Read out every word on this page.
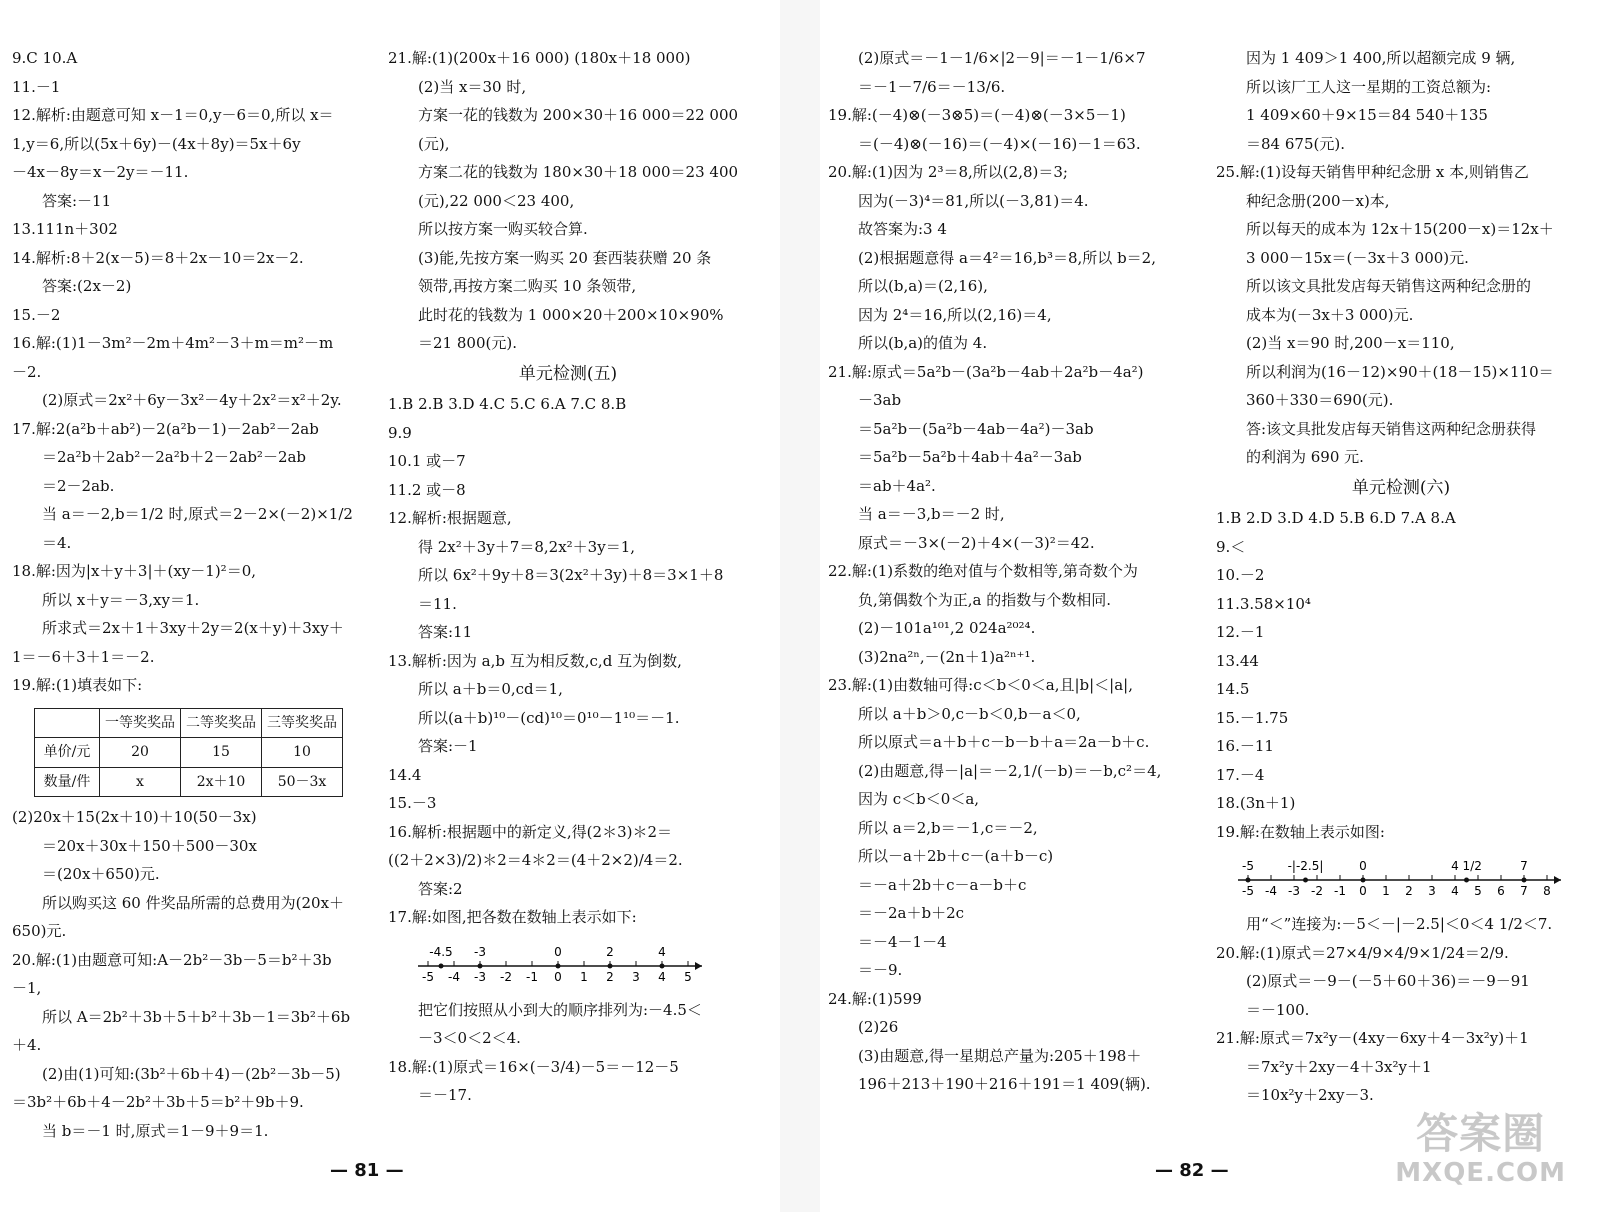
9.C 10.A
11.－1
12.解析:由题意可知 x－1＝0,y－6＝0,所以 x＝
1,y＝6,所以(5x＋6y)－(4x＋8y)＝5x＋6y
－4x－8y＝x－2y＝－11.
答案:－11
13.111n＋302
14.解析:8＋2(x－5)＝8＋2x－10＝2x－2.
答案:(2x－2)
15.－2
16.解:(1)1－3m²－2m＋4m²－3＋m＝m²－m
－2.
(2)原式＝2x²＋6y－3x²－4y＋2x²＝x²＋2y.
17.解:2(a²b＋ab²)－2(a²b－1)－2ab²－2ab
＝2a²b＋2ab²－2a²b＋2－2ab²－2ab
＝2－2ab.
当 a＝－2,b＝1/2 时,原式＝2－2×(－2)×1/2
＝4.
18.解:因为|x＋y＋3|＋(xy－1)²＝0,
所以 x＋y＝－3,xy＝1.
所求式＝2x＋1＋3xy＋2y＝2(x＋y)＋3xy＋
1＝－6＋3＋1＝－2.
19.解:(1)填表如下:
	一等奖奖品	二等奖奖品	三等奖奖品
单价/元	20	15	10
数量/件	x	2x＋10	50－3x
(2)20x＋15(2x＋10)＋10(50－3x)
＝20x＋30x＋150＋500－30x
＝(20x＋650)元.
所以购买这 60 件奖品所需的总费用为(20x＋
650)元.
20.解:(1)由题意可知:A－2b²－3b－5＝b²＋3b
－1,
所以 A＝2b²＋3b＋5＋b²＋3b－1＝3b²＋6b
＋4.
(2)由(1)可知:(3b²＋6b＋4)－(2b²－3b－5)
＝3b²＋6b＋4－2b²＋3b＋5＝b²＋9b＋9.
当 b＝－1 时,原式＝1－9＋9＝1.
21.解:(1)(200x＋16 000) (180x＋18 000)
(2)当 x＝30 时,
方案一花的钱数为 200×30＋16 000＝22 000
(元),
方案二花的钱数为 180×30＋18 000＝23 400
(元),22 000＜23 400,
所以按方案一购买较合算.
(3)能,先按方案一购买 20 套西装获赠 20 条
领带,再按方案二购买 10 条领带,
此时花的钱数为 1 000×20＋200×10×90%
＝21 800(元).
单元检测(五)
1.B 2.B 3.D 4.C 5.C 6.A 7.C 8.B
9.9
10.1 或－7
11.2 或－8
12.解析:根据题意,
得 2x²＋3y＋7＝8,2x²＋3y＝1,
所以 6x²＋9y＋8＝3(2x²＋3y)＋8＝3×1＋8
＝11.
答案:11
13.解析:因为 a,b 互为相反数,c,d 互为倒数,
所以 a＋b＝0,cd＝1,
所以(a＋b)¹⁰－(cd)¹⁰＝0¹⁰－1¹⁰＝－1.
答案:－1
14.4
15.－3
16.解析:根据题中的新定义,得(2＊3)＊2＝
((2＋2×3)/2)＊2＝4＊2＝(4＋2×2)/4＝2.
答案:2
17.解:如图,把各数在数轴上表示如下:
-5 -4 -3 -2 -1 0 1 2 3 4 5
-4.5 -3	0	2	4
把它们按照从小到大的顺序排列为:－4.5＜
－3＜0＜2＜4.
18.解:(1)原式＝16×(－3/4)－5＝－12－5
＝－17.
(2)原式＝－1－1/6×|2－9|＝－1－1/6×7
＝－1－7/6＝－13/6.
19.解:(－4)⊗(－3⊗5)＝(－4)⊗(－3×5－1)
＝(－4)⊗(－16)＝(－4)×(－16)－1＝63.
20.解:(1)因为 2³＝8,所以(2,8)＝3;
因为(－3)⁴＝81,所以(－3,81)＝4.
故答案为:3 4
(2)根据题意得 a＝4²＝16,b³＝8,所以 b＝2,
所以(b,a)＝(2,16),
因为 2⁴＝16,所以(2,16)＝4,
所以(b,a)的值为 4.
21.解:原式＝5a²b－(3a²b－4ab＋2a²b－4a²)
－3ab
＝5a²b－(5a²b－4ab－4a²)－3ab
＝5a²b－5a²b＋4ab＋4a²－3ab
＝ab＋4a².
当 a＝－3,b＝－2 时,
原式＝－3×(－2)＋4×(－3)²＝42.
22.解:(1)系数的绝对值与个数相等,第奇数个为
负,第偶数个为正,a 的指数与个数相同.
(2)－101a¹⁰¹,2 024a²⁰²⁴.
(3)2na²ⁿ,－(2n＋1)a²ⁿ⁺¹.
23.解:(1)由数轴可得:c＜b＜0＜a,且|b|＜|a|,
所以 a＋b＞0,c－b＜0,b－a＜0,
所以原式＝a＋b＋c－b－b＋a＝2a－b＋c.
(2)由题意,得－|a|＝－2,1/(－b)＝－b,c²＝4,
因为 c＜b＜0＜a,
所以 a＝2,b＝－1,c＝－2,
所以－a＋2b＋c－(a＋b－c)
＝－a＋2b＋c－a－b＋c
＝－2a＋b＋2c
＝－4－1－4
＝－9.
24.解:(1)599
(2)26
(3)由题意,得一星期总产量为:205＋198＋
196＋213＋190＋216＋191＝1 409(辆).
因为 1 409＞1 400,所以超额完成 9 辆,
所以该厂工人这一星期的工资总额为:
1 409×60＋9×15＝84 540＋135
＝84 675(元).
25.解:(1)设每天销售甲种纪念册 x 本,则销售乙
种纪念册(200－x)本,
所以每天的成本为 12x＋15(200－x)＝12x＋
3 000－15x＝(－3x＋3 000)元.
所以该文具批发店每天销售这两种纪念册的
成本为(－3x＋3 000)元.
(2)当 x＝90 时,200－x＝110,
所以利润为(16－12)×90＋(18－15)×110＝
360＋330＝690(元).
答:该文具批发店每天销售这两种纪念册获得
的利润为 690 元.
单元检测(六)
1.B 2.D 3.D 4.D 5.B 6.D 7.A 8.A
9.＜
10.－2
11.3.58×10⁴
12.－1
13.44
14.5
15.－1.75
16.－11
17.－4
18.(3n＋1)
19.解:在数轴上表示如图:
-5 -4 -3 -2 -1 0 1 2 3 4 5 6 7 8
-5	-|-2.5|	0	4 1/2	7
用“＜”连接为:－5＜－|－2.5|＜0＜4 1/2＜7.
20.解:(1)原式＝27×4/9×4/9×1/24＝2/9.
(2)原式＝－9－(－5＋60＋36)＝－9－91
＝－100.
21.解:原式＝7x²y－(4xy－6xy＋4－3x²y)＋1
＝7x²y＋2xy－4＋3x²y＋1
＝10x²y＋2xy－3.
— 81 —	— 82 —
答案圈
MXQE.COM
